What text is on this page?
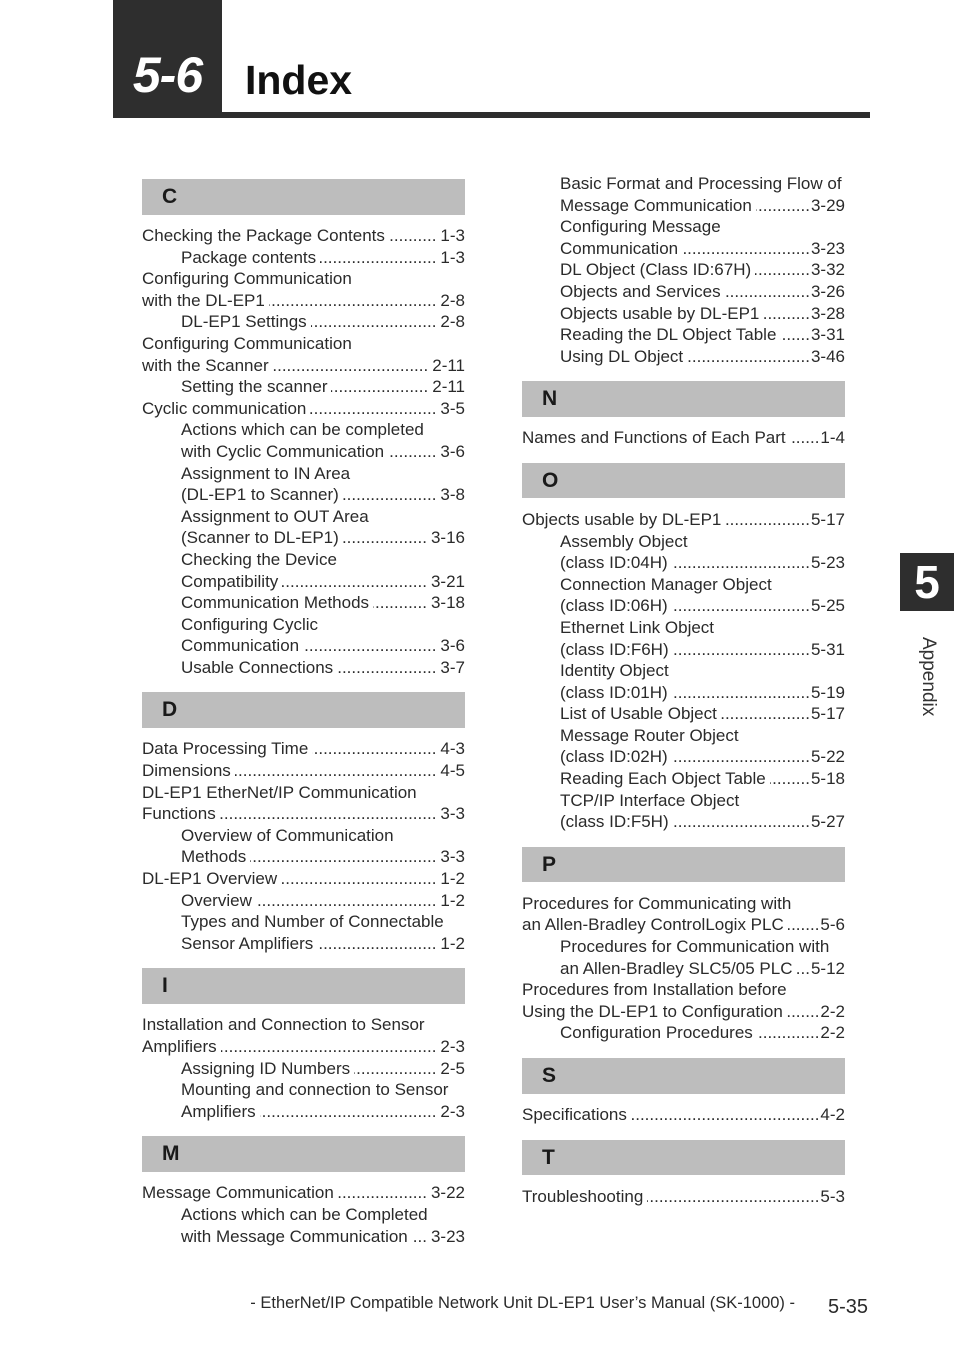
5-6	Index
C
Checking the Package Contents .....	1-3
Package contents .....	1-3
Configuring Communication
with the DL-EP1 .....	2-8
DL-EP1 Settings .....	2-8
Configuring Communication
with the Scanner .....	2-11
Setting the scanner .....	2-11
Cyclic communication .....	3-5
Actions which can be completed
with Cyclic Communication .....	3-6
Assignment to IN Area
(DL-EP1 to Scanner) .....	3-8
Assignment to OUT Area
(Scanner to DL-EP1) .....	3-16
Checking the Device
Compatibility .....	3-21
Communication Methods .....	3-18
Configuring Cyclic
Communication .....	3-6
Usable Connections .....	3-7
D
Data Processing Time .....	4-3
Dimensions .....	4-5
DL-EP1 EtherNet/IP Communication
Functions .....	3-3
Overview of Communication
Methods .....	3-3
DL-EP1 Overview .....	1-2
Overview .....	1-2
Types and Number of Connectable
Sensor Amplifiers .....	1-2
I
Installation and Connection to Sensor
Amplifiers .....	2-3
Assigning ID Numbers .....	2-5
Mounting and connection to Sensor
Amplifiers .....	2-3
M
Message Communication .....	3-22
Actions which can be Completed
with Message Communication ..... 3-23
Basic Format and Processing Flow of
Message Communication .....	3-29
Configuring Message
Communication .....	3-23
DL Object (Class ID:67H) .....	3-32
Objects and Services .....	3-26
Objects usable by DL-EP1 .....	3-28
Reading the DL Object Table ..... 3-31
Using DL Object .....	3-46
N
Names and Functions of Each Part ..... 1-4
O
Objects usable by DL-EP1 .....	5-17
Assembly Object
(class ID:04H) .....	5-23
Connection Manager Object
(class ID:06H) .....	5-25
Ethernet Link Object
(class ID:F6H) .....	5-31
Identity Object
(class ID:01H) .....	5-19
List of Usable Object .....	5-17
Message Router Object
(class ID:02H) .....	5-22
Reading Each Object Table .....	5-18
TCP/IP Interface Object
(class ID:F5H) .....	5-27
P
Procedures for Communicating with
an Allen-Bradley ControlLogix PLC ..... 5-6
Procedures for Communication with
an Allen-Bradley SLC5/05 PLC ..... 5-12
Procedures from Installation before
Using the DL-EP1 to Configuration ..... 2-2
Configuration Procedures .....	2-2
S
Specifications .....	4-2
T
Troubleshooting .....	5-3
5
Appendix
- EtherNet/IP Compatible Network Unit DL-EP1 User’s Manual (SK-1000) - 5-35
